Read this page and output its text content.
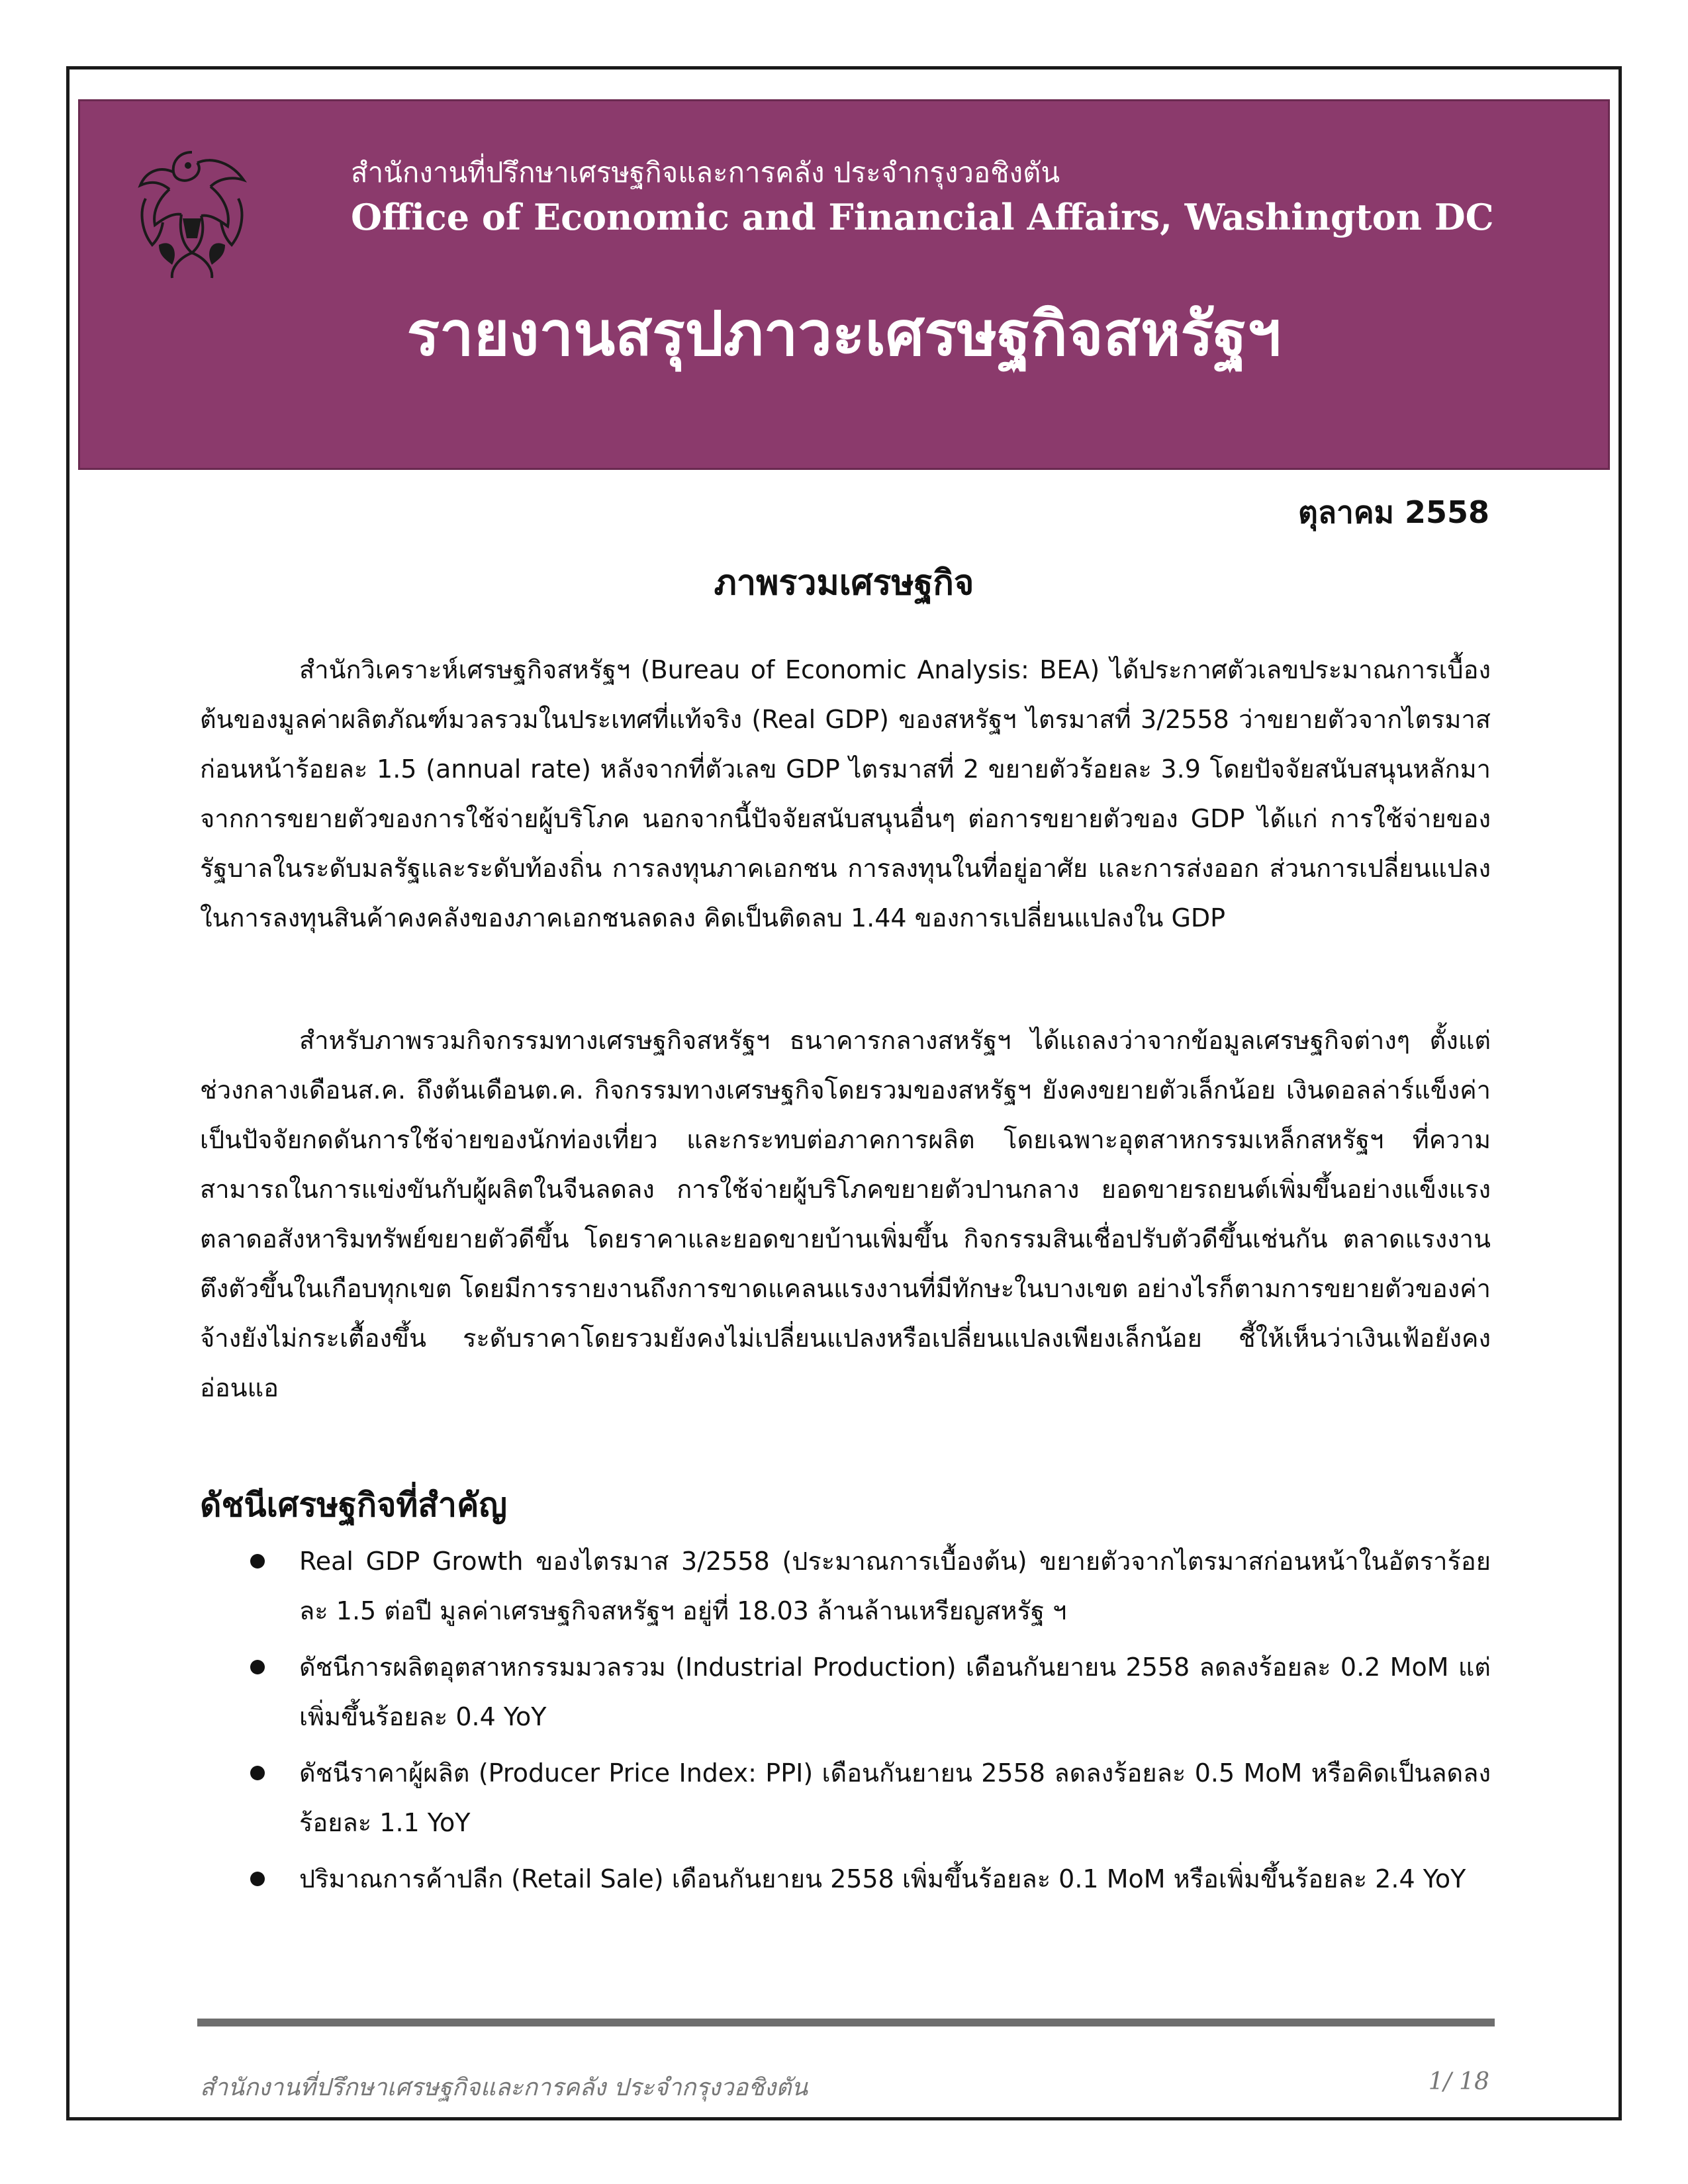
สำนักงานที่ปรึกษาเศรษฐกิจและการคลัง ประจำกรุงวอชิงตัน
Office of Economic and Financial Affairs, Washington DC
รายงานสรุปภาวะเศรษฐกิจสหรัฐฯ
ตุลาคม 2558
ภาพรวมเศรษฐกิจ

สำนักวิเคราะห์เศรษฐกิจสหรัฐฯ (Bureau of Economic Analysis: BEA) ได้ประกาศตัวเลขประมาณการเบื้องต้นของมูลค่าผลิตภัณฑ์มวลรวมในประเทศที่แท้จริง (Real GDP) ของสหรัฐฯ ไตรมาสที่ 3/2558 ว่าขยายตัวจากไตรมาสก่อนหน้าร้อยละ 1.5 (annual rate) หลังจากที่ตัวเลข GDP ไตรมาสที่ 2 ขยายตัวร้อยละ 3.9 โดยปัจจัยสนับสนุนหลักมาจากการขยายตัวของการใช้จ่ายผู้บริโภค นอกจากนี้ปัจจัยสนับสนุนอื่นๆ ต่อการขยายตัวของ GDP ได้แก่ การใช้จ่ายของรัฐบาลในระดับมลรัฐและระดับท้องถิ่น การลงทุนภาคเอกชน การลงทุนในที่อยู่อาศัย และการส่งออก ส่วนการเปลี่ยนแปลงในการลงทุนสินค้าคงคลังของภาคเอกชนลดลง คิดเป็นติดลบ 1.44 ของการเปลี่ยนแปลงใน GDP

สำหรับภาพรวมกิจกรรมทางเศรษฐกิจสหรัฐฯ ธนาคารกลางสหรัฐฯ ได้แถลงว่าจากข้อมูลเศรษฐกิจต่างๆ ตั้งแต่ช่วงกลางเดือนส.ค. ถึงต้นเดือนต.ค. กิจกรรมทางเศรษฐกิจโดยรวมของสหรัฐฯ ยังคงขยายตัวเล็กน้อย เงินดอลล่าร์แข็งค่าเป็นปัจจัยกดดันการใช้จ่ายของนักท่องเที่ยว และกระทบต่อภาคการผลิต โดยเฉพาะอุตสาหกรรมเหล็กสหรัฐฯ ที่ความสามารถในการแข่งขันกับผู้ผลิตในจีนลดลง การใช้จ่ายผู้บริโภคขยายตัวปานกลาง ยอดขายรถยนต์เพิ่มขึ้นอย่างแข็งแรง ตลาดอสังหาริมทรัพย์ขยายตัวดีขึ้น โดยราคาและยอดขายบ้านเพิ่มขึ้น กิจกรรมสินเชื่อปรับตัวดีขึ้นเช่นกัน ตลาดแรงงานตึงตัวขึ้นในเกือบทุกเขต โดยมีการรายงานถึงการขาดแคลนแรงงานที่มีทักษะในบางเขต อย่างไรก็ตามการขยายตัวของค่าจ้างยังไม่กระเตื้องขึ้น ระดับราคาโดยรวมยังคงไม่เปลี่ยนแปลงหรือเปลี่ยนแปลงเพียงเล็กน้อย ชี้ให้เห็นว่าเงินเฟ้อยังคงอ่อนแอ

ดัชนีเศรษฐกิจที่สำคัญ
Real GDP Growth ของไตรมาส 3/2558 (ประมาณการเบื้องต้น) ขยายตัวจากไตรมาสก่อนหน้าในอัตราร้อยละ 1.5 ต่อปี มูลค่าเศรษฐกิจสหรัฐฯ อยู่ที่ 18.03 ล้านล้านเหรียญสหรัฐ ฯ
ดัชนีการผลิตอุตสาหกรรมมวลรวม (Industrial Production) เดือนกันยายน 2558 ลดลงร้อยละ 0.2 MoM แต่เพิ่มขึ้นร้อยละ 0.4 YoY
ดัชนีราคาผู้ผลิต (Producer Price Index: PPI) เดือนกันยายน 2558 ลดลงร้อยละ 0.5 MoM หรือคิดเป็นลดลงร้อยละ 1.1 YoY
ปริมาณการค้าปลีก (Retail Sale) เดือนกันยายน 2558 เพิ่มขึ้นร้อยละ 0.1 MoM หรือเพิ่มขึ้นร้อยละ 2.4 YoY
สำนักงานที่ปรึกษาเศรษฐกิจและการคลัง ประจำกรุงวอชิงตัน	1/ 18
